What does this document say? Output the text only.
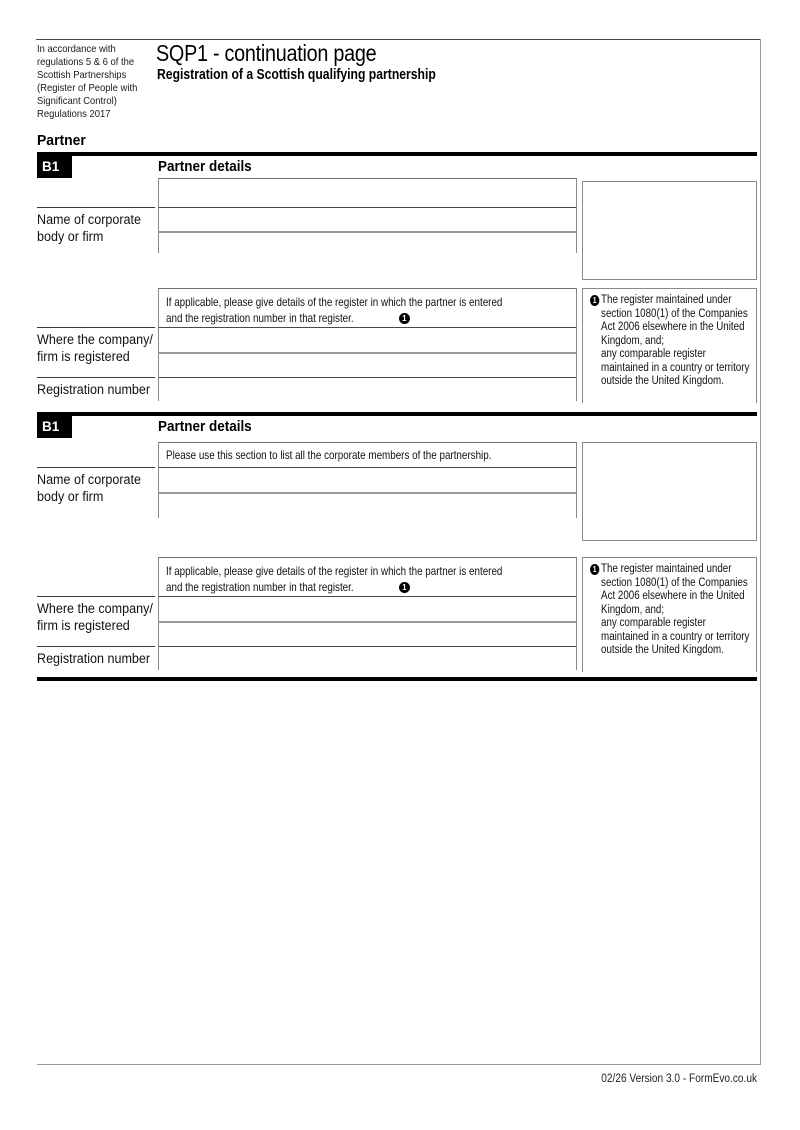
In accordance with regulations 5 & 6 of the Scottish Partnerships (Register of People with Significant Control) Regulations 2017
SQP1 - continuation page
Registration of a Scottish qualifying partnership
Partner
B1	Partner details
Name of corporate body or firm
If applicable, please give details of the register in which the partner is entered
and the registration number in that register.	1
Where the company/ firm is registered
Registration number
1 The register maintained under section 1080(1) of the Companies Act 2006 elsewhere in the United Kingdom, and;
any comparable register maintained in a country or territory outside the United Kingdom.
B1	Partner details
Please use this section to list all the corporate members of the partnership.
Name of corporate body or firm
If applicable, please give details of the register in which the partner is entered
and the registration number in that register.	1
Where the company/ firm is registered
Registration number
1 The register maintained under section 1080(1) of the Companies Act 2006 elsewhere in the United Kingdom, and;
any comparable register maintained in a country or territory outside the United Kingdom.
02/26 Version 3.0 - FormEvo.co.uk
